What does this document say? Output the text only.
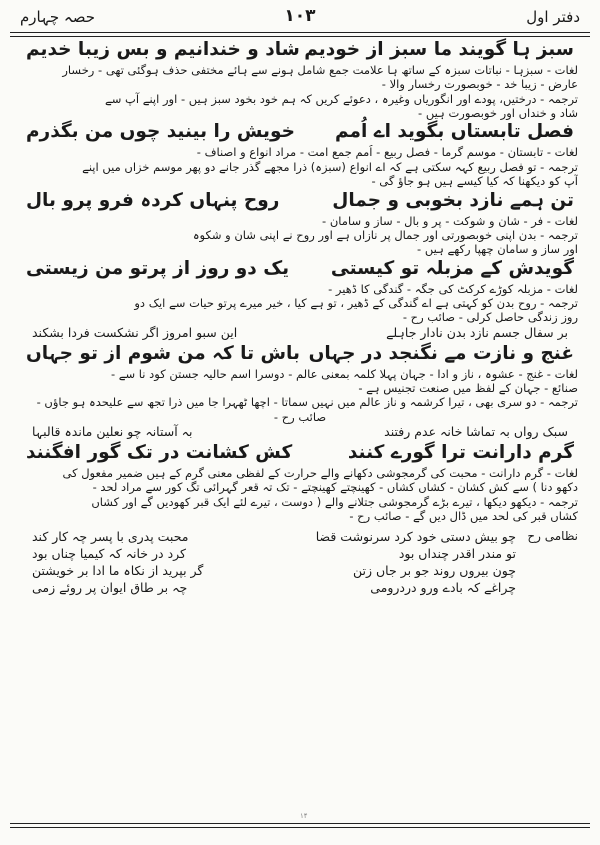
دفتر اول
۱۰۳
حصہ چہارم
سبز ہا گویند ما سبز از خودیم
شاد و خندانیم و بس زیبا خدیم
لغات - سبزہا - نباتات سبزہ کے ساتھ ہا علامت جمع شامل ہونے سے ہائے مختفی حذف ہوگئی تھی - رخسار
عارض - زیبا خد - خوبصورت رخسار والا -
ترجمہ - درختیں، پودے اور انگوریاں وغیرہ ، دعوئے کریں کہ ہم خود بخود سبز ہیں - اور اپنے آپ سے
شاد و خنداں اور خوبصورت ہیں -
فصل تابستاں بگوید اے اُمم
خویش را بینید چوں من بگذرم
لغات - تابستان - موسم گرما - فصل ربیع - اُمم جمع امت - مراد انواع و اصناف -
ترجمہ - تو فصل ربیع کہہ سکتی ہے کہ اے انواع (سبزہ) ذرا مجھے گذر جانے دو پھر موسم خزاں میں اپنے
آپ کو دیکھنا کہ کیا کیسے ہیں ہو جاؤ گی -
تن ہمے نازد بخوبی و جمال
روح پنہاں کردہ فرو پرو بال
لغات - فر - شان و شوکت - پر و بال - ساز و سامان -
ترجمہ - بدن اپنی خوبصورتی اور جمال پر نازاں ہے اور روح نے اپنی شان و شکوہ
اور ساز و سامان چھپا رکھے ہیں -
گویدش کے مزبلہ تو کیستی
یک دو روز از پرتو من زیستی
لغات - مزبلہ کوڑے کرکٹ کی جگہ - گندگی کا ڈھیر -
ترجمہ - روح بدن کو کہتی ہے اے گندگی کے ڈھیر ، تو ہے کیا ، خیر میرے پرتو حیات سے ایک دو
روز زندگی حاصل کرلی - صائب رح -
بر سفال جسم نازد بدن نادار جاہلے
این سبو امروز اگر نشکست فردا بشکند
غنج و نازت مے نگنجد در جہاں
باش تا کہ من شوم از تو جہاں
لغات - غنج - عشوہ ، ناز و ادا - جہان پہلا کلمہ بمعنی عالم - دوسرا اسم حالیہ جستن کود نا سے -
صنائع - جہان کے لفظ میں صنعت تجنیس ہے -
ترجمہ - دو سری بھی ، تیرا کرشمہ و ناز عالم میں نہیں سماتا - اچھا ٹھہرا جا میں ذرا تجھ سے علیحدہ ہو جاؤں -
صائب رح -
سبک رواں بہ تماشا خانہ عدم رفتند
بہ آستانہ چو نعلین ماندہ قالبہا
گرم دارانت ترا گورے کنند
کش کشانت در تک گور افگنند
لغات - گرم دارانت - محبت کی گرمجوشی دکھانے والے حرارت کے لفظی معنی گرم کے ہیں ضمیر مفعول کی
دکھو دنا ) سے کش کشان - کشاں کشاں - کھینچتے کھینچتے - تک تہ قعر گہرائی تگ کور سے مراد لحد -
ترجمہ - دیکھو دیکھا ، تیرے بڑے گرمجوشی جتلانے والے ( دوست ، تیرے لئے ایک قبر کھودیں گے اور کشاں
کشاں قبر کی لحد میں ڈال دیں گے - صائب رح -
نظامی رح
چو بیش دستی خود کرد سرنوشت قضا
محبت پدری با پسر چہ کار کند
تو مندر اقدر چنداں بود
کرد در خانہ کہ کیمیا چناں بود
چون بیروں روند جو بر جاں زتن
گر بپرید از نکاہ ما ادا بر خویشتن
چراغے کہ بادے ورو دردرومی
چہ بر طاق ایوان پر روئے زمی
۱۴
